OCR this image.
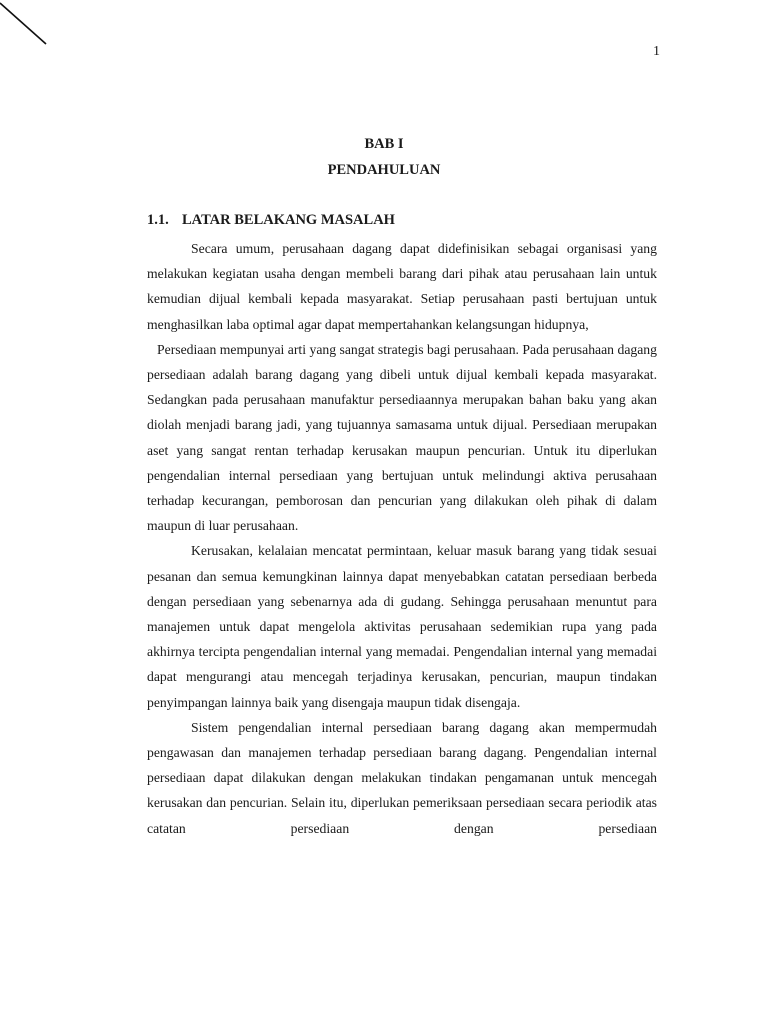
1
BAB I
PENDAHULUAN
1.1. LATAR BELAKANG MASALAH

Secara umum, perusahaan dagang dapat didefinisikan sebagai organisasi yang melakukan kegiatan usaha dengan membeli barang dari pihak atau perusahaan lain untuk kemudian dijual kembali kepada masyarakat. Setiap perusahaan pasti bertujuan untuk menghasilkan laba optimal agar dapat mempertahankan kelangsungan hidupnya,

Persediaan mempunyai arti yang sangat strategis bagi perusahaan. Pada perusahaan dagang persediaan adalah barang dagang yang dibeli untuk dijual kembali kepada masyarakat. Sedangkan pada perusahaan manufaktur persediaannya merupakan bahan baku yang akan diolah menjadi barang jadi, yang tujuannya samasama untuk dijual. Persediaan merupakan aset yang sangat rentan terhadap kerusakan maupun pencurian. Untuk itu diperlukan pengendalian internal persediaan yang bertujuan untuk melindungi aktiva perusahaan terhadap kecurangan, pemborosan dan pencurian yang dilakukan oleh pihak di dalam maupun di luar perusahaan.

Kerusakan, kelalaian mencatat permintaan, keluar masuk barang yang tidak sesuai pesanan dan semua kemungkinan lainnya dapat menyebabkan catatan persediaan berbeda dengan persediaan yang sebenarnya ada di gudang. Sehingga perusahaan menuntut para manajemen untuk dapat mengelola aktivitas perusahaan sedemikian rupa yang pada akhirnya tercipta pengendalian internal yang memadai. Pengendalian internal yang memadai dapat mengurangi atau mencegah terjadinya kerusakan, pencurian, maupun tindakan penyimpangan lainnya baik yang disengaja maupun tidak disengaja.

Sistem pengendalian internal persediaan barang dagang akan mempermudah pengawasan dan manajemen terhadap persediaan barang dagang. Pengendalian internal persediaan dapat dilakukan dengan melakukan tindakan pengamanan untuk mencegah kerusakan dan pencurian. Selain itu, diperlukan pemeriksaan persediaan secara periodik atas catatan persediaan dengan persediaan
